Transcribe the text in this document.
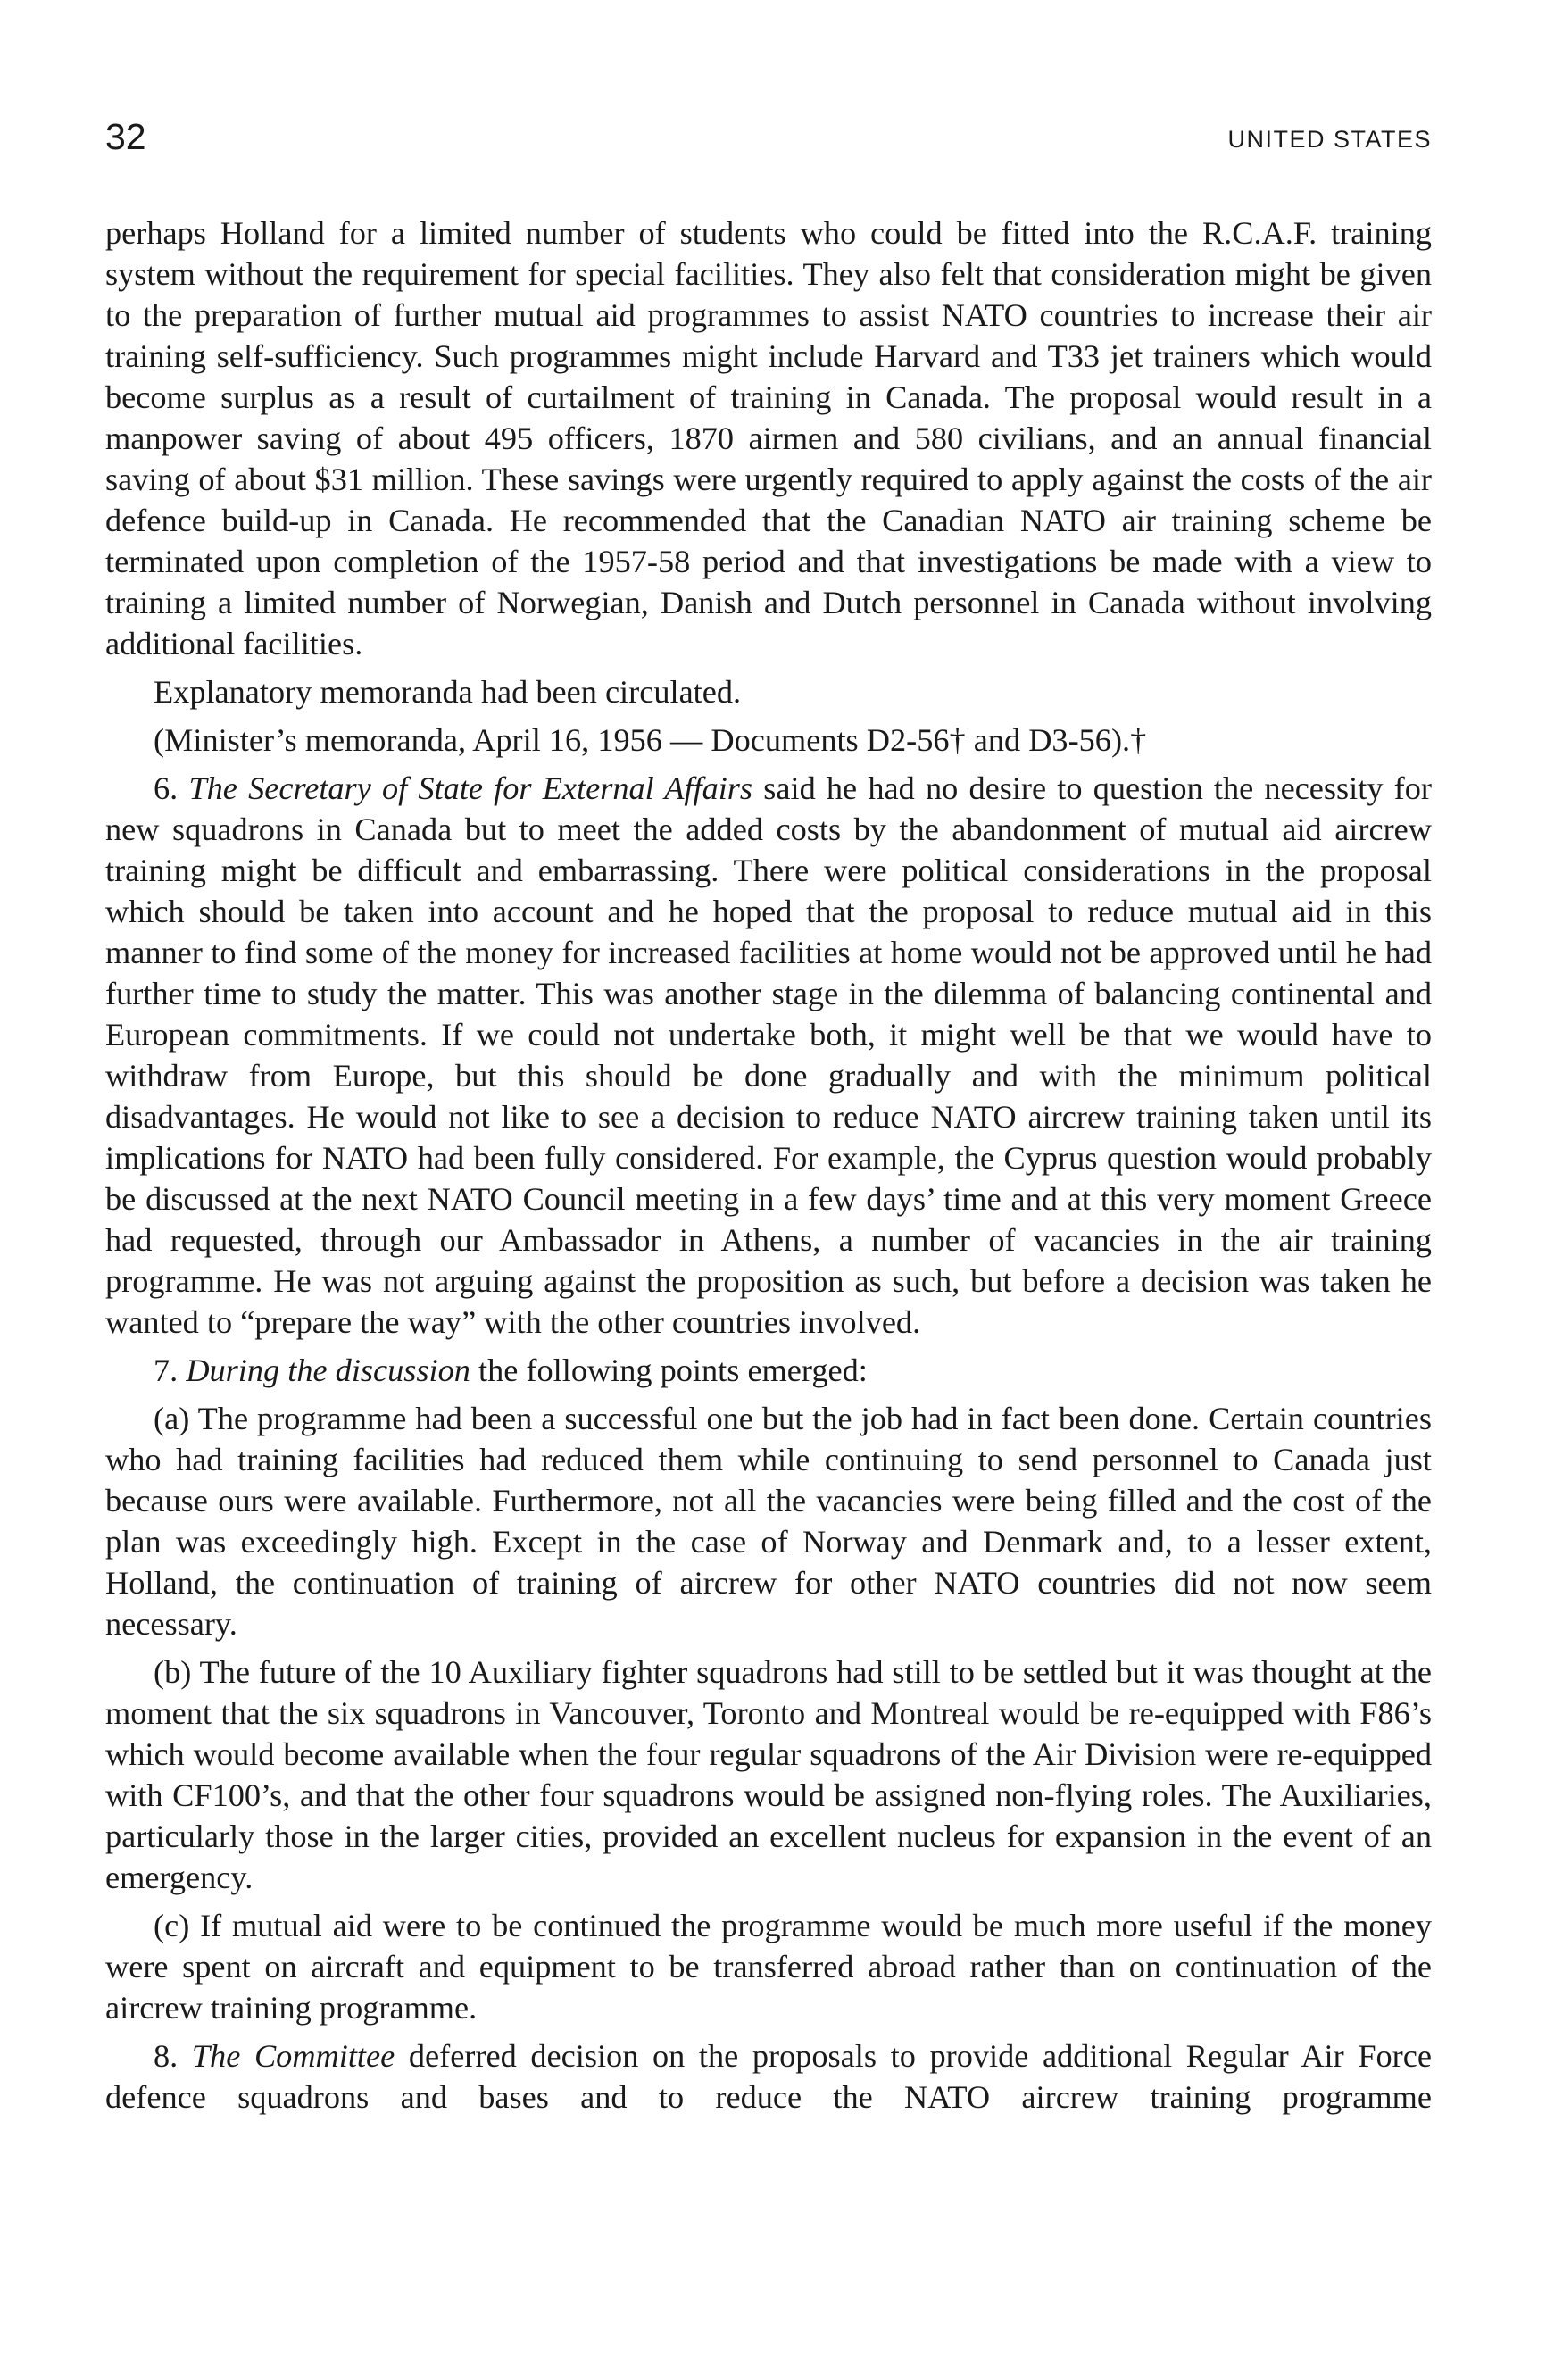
32	UNITED STATES

perhaps Holland for a limited number of students who could be fitted into the R.C.A.F. training system without the requirement for special facilities. They also felt that consideration might be given to the preparation of further mutual aid programmes to assist NATO countries to increase their air training self-sufficiency. Such programmes might include Harvard and T33 jet trainers which would become surplus as a result of curtailment of training in Canada. The proposal would result in a manpower saving of about 495 officers, 1870 airmen and 580 civilians, and an annual financial saving of about $31 million. These savings were urgently required to apply against the costs of the air defence build-up in Canada. He recommended that the Canadian NATO air training scheme be terminated upon completion of the 1957-58 period and that investigations be made with a view to training a limited number of Norwegian, Danish and Dutch personnel in Canada without involving additional facilities.

Explanatory memoranda had been circulated.

(Minister’s memoranda, April 16, 1956 — Documents D2-56† and D3-56).†

6. The Secretary of State for External Affairs said he had no desire to question the necessity for new squadrons in Canada but to meet the added costs by the abandonment of mutual aid aircrew training might be difficult and embarrassing. There were political considerations in the proposal which should be taken into account and he hoped that the proposal to reduce mutual aid in this manner to find some of the money for increased facilities at home would not be approved until he had further time to study the matter. This was another stage in the dilemma of balancing continental and European commitments. If we could not undertake both, it might well be that we would have to withdraw from Europe, but this should be done gradually and with the minimum political disadvantages. He would not like to see a decision to reduce NATO aircrew training taken until its implications for NATO had been fully considered. For example, the Cyprus question would probably be discussed at the next NATO Council meeting in a few days’ time and at this very moment Greece had requested, through our Ambassador in Athens, a number of vacancies in the air training programme. He was not arguing against the proposition as such, but before a decision was taken he wanted to “prepare the way” with the other countries involved.

7. During the discussion the following points emerged:

(a) The programme had been a successful one but the job had in fact been done. Certain countries who had training facilities had reduced them while continuing to send personnel to Canada just because ours were available. Furthermore, not all the vacancies were being filled and the cost of the plan was exceedingly high. Except in the case of Norway and Denmark and, to a lesser extent, Holland, the continuation of training of aircrew for other NATO countries did not now seem necessary.

(b) The future of the 10 Auxiliary fighter squadrons had still to be settled but it was thought at the moment that the six squadrons in Vancouver, Toronto and Montreal would be re-equipped with F86’s which would become available when the four regular squadrons of the Air Division were re-equipped with CF100’s, and that the other four squadrons would be assigned non-flying roles. The Auxiliaries, particularly those in the larger cities, provided an excellent nucleus for expansion in the event of an emergency.

(c) If mutual aid were to be continued the programme would be much more useful if the money were spent on aircraft and equipment to be transferred abroad rather than on continuation of the aircrew training programme.

8. The Committee deferred decision on the proposals to provide additional Regular Air Force defence squadrons and bases and to reduce the NATO aircrew training programme
